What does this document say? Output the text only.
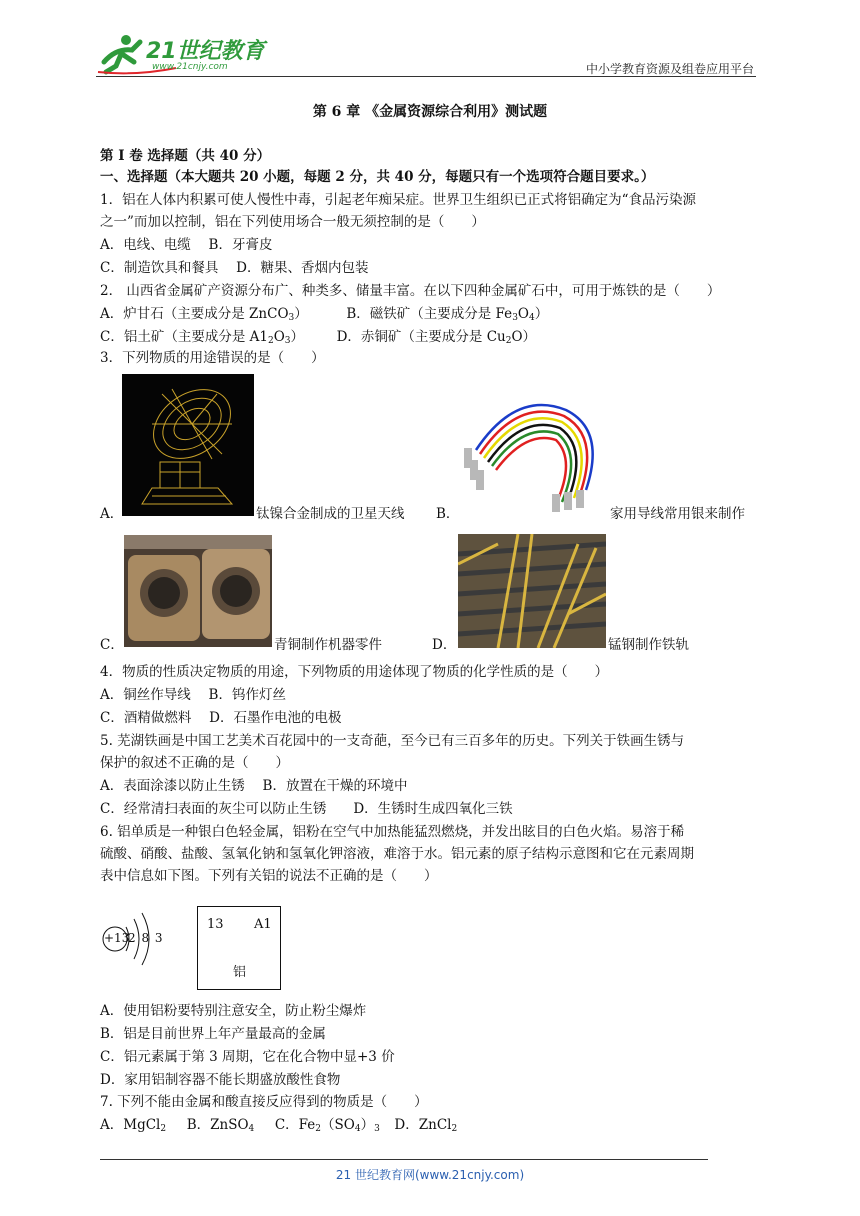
21世纪教育
www.21cnjy.com	中小学教育资源及组卷应用平台
第 6 章 《金属资源综合利用》测试题
第 I 卷 选择题（共 40 分）
一、选择题（本大题共 20 小题，每题 2 分，共 40 分，每题只有一个选项符合题目要求。）
1．铝在人体内积累可使人慢性中毒，引起老年痴呆症。世界卫生组织已正式将铝确定为“食品污染源
之一”而加以控制，铝在下列使用场合一般无须控制的是（　　）
A．电线、电缆　 B．牙膏皮
C．制造饮具和餐具　 D．糖果、香烟内包装
2． 山西省金属矿产资源分布广、种类多、储量丰富。在以下四种金属矿石中，可用于炼铁的是（　　）
A．炉甘石（主要成分是 ZnCO$_3$）	B．磁铁矿（主要成分是 $Fe_3O_4$）
C．铝土矿（主要成分是 $A1_2O_3$） D．赤铜矿（主要成分是 $Cu_2O$）
3．下列物质的用途错误的是（　　）
A．	钛镍合金制成的卫星天线 B．	家用导线常用银来制作
C．	青铜制作机器零件	D．	锰钢制作铁轨
4．物质的性质决定物质的用途，下列物质的用途体现了物质的化学性质的是（　　）
A．铜丝作导线　 B．钨作灯丝
C．酒精做燃料　 D．石墨作电池的电极
5. 芜湖铁画是中国工艺美术百花园中的一支奇葩，至今已有三百多年的历史。下列关于铁画生锈与
保护的叙述不正确的是（　　）
A．表面涂漆以防止生锈　 B．放置在干燥的环境中
C．经常清扫表面的灰尘可以防止生锈　　D．生锈时生成四氧化三铁
6. 铝单质是一种银白色轻金属，铝粉在空气中加热能猛烈燃烧，并发出眩目的白色火焰。易溶于稀
硫酸、硝酸、盐酸、氢氧化钠和氢氧化钾溶液，难溶于水。铝元素的原子结构示意图和它在元素周期
表中信息如下图。下列有关铝的说法不正确的是（　　）
+13
2 8 3
13 A1
铝
A．使用铝粉要特别注意安全，防止粉尘爆炸
B．铝是目前世界上年产量最高的金属
C．铝元素属于第 3 周期，它在化合物中显+3 价
D．家用铝制容器不能长期盛放酸性食物
7. 下列不能由金属和酸直接反应得到的物质是（　　）
A．MgCl$_2$ B．ZnSO$_4$ C．$Fe_2(SO_4)_3$ D．ZnCl$_2$
21 世纪教育网(www.21cnjy.com)
